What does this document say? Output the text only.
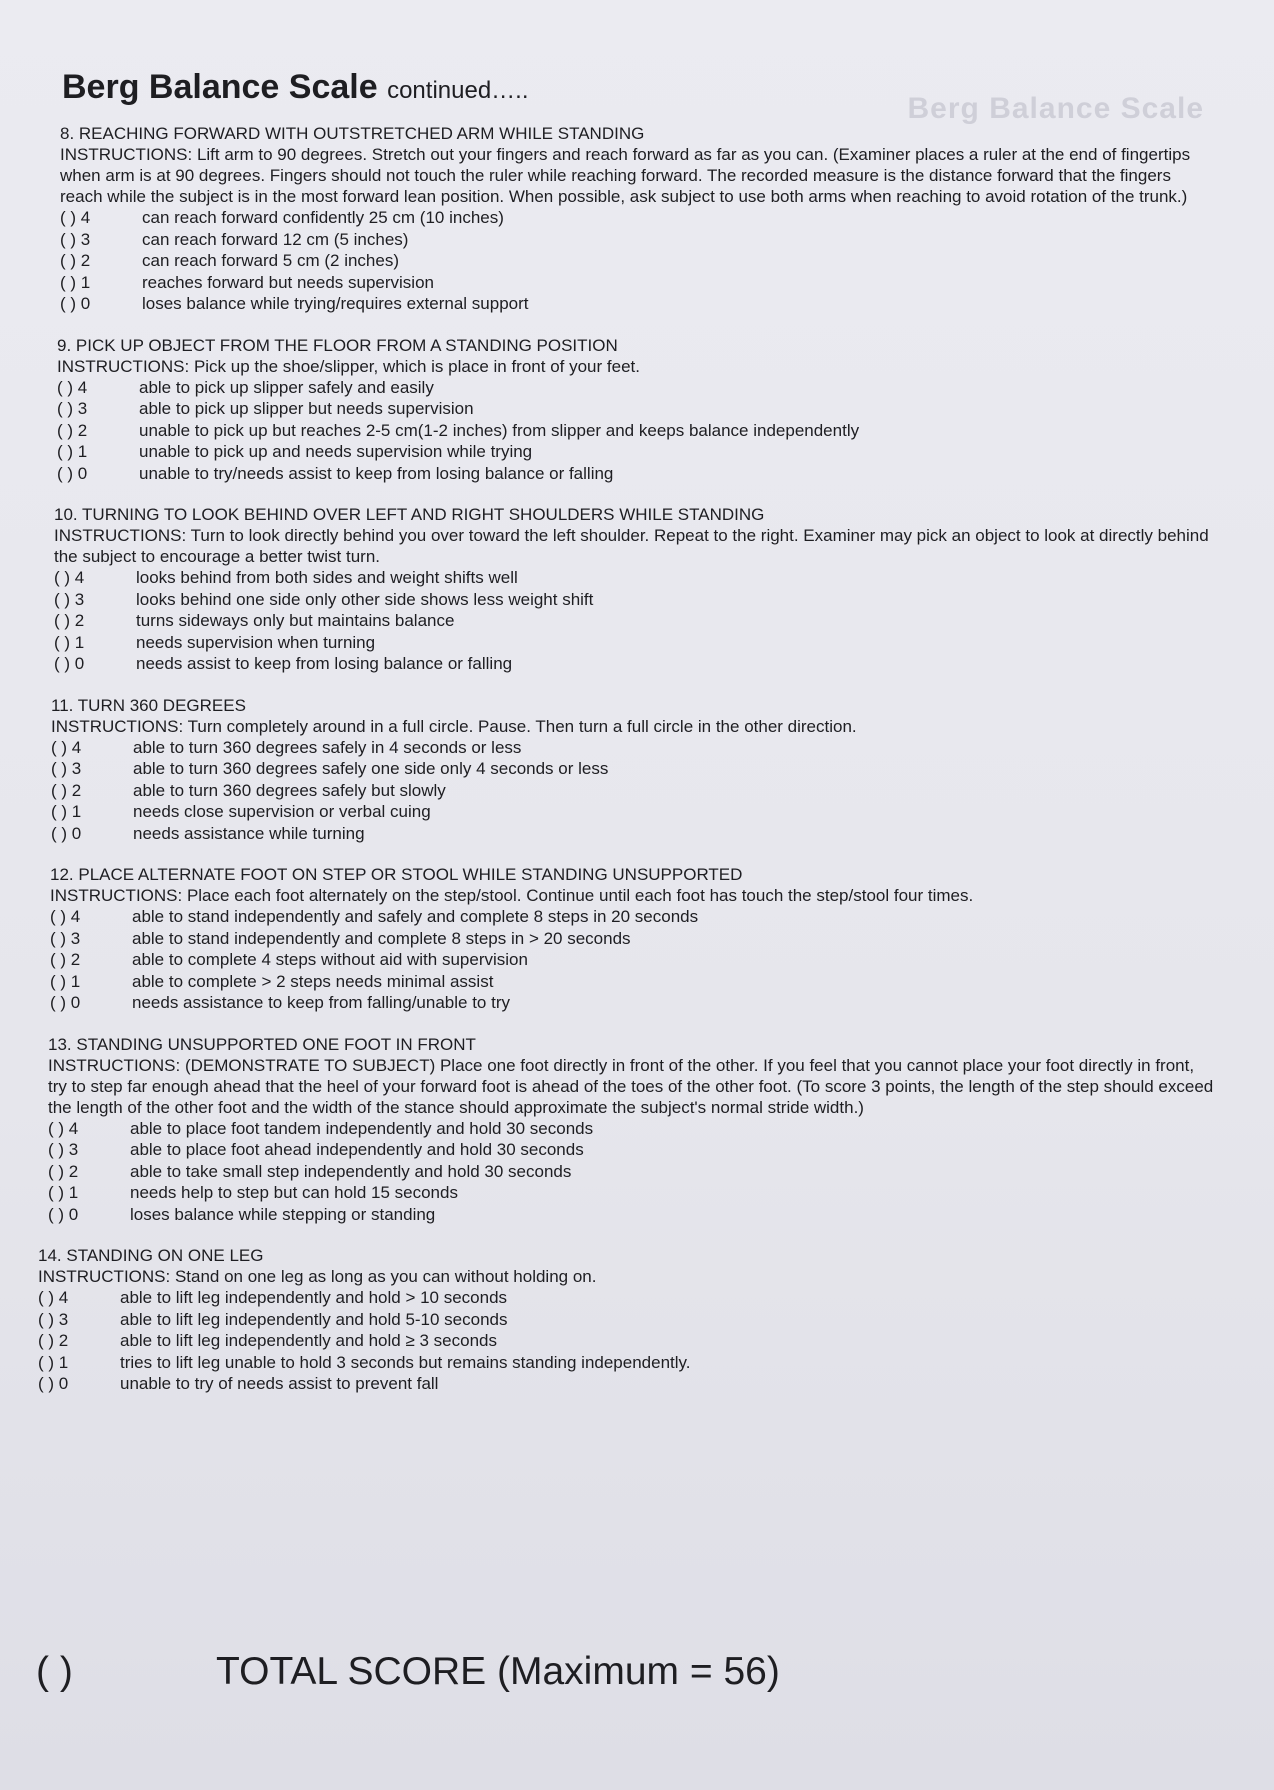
Berg Balance Scale
Berg Balance Scale continued…..
8. REACHING FORWARD WITH OUTSTRETCHED ARM WHILE STANDING
INSTRUCTIONS: Lift arm to 90 degrees. Stretch out your fingers and reach forward as far as you can. (Examiner places a ruler at the end of fingertips when arm is at 90 degrees. Fingers should not touch the ruler while reaching forward. The recorded measure is the distance forward that the fingers reach while the subject is in the most forward lean position. When possible, ask subject to use both arms when reaching to avoid rotation of the trunk.)
( ) 4	can reach forward confidently 25 cm (10 inches)
( ) 3	can reach forward 12 cm (5 inches)
( ) 2	can reach forward 5 cm (2 inches)
( ) 1	reaches forward but needs supervision
( ) 0	loses balance while trying/requires external support
9. PICK UP OBJECT FROM THE FLOOR FROM A STANDING POSITION
INSTRUCTIONS: Pick up the shoe/slipper, which is place in front of your feet.
( ) 4	able to pick up slipper safely and easily
( ) 3	able to pick up slipper but needs supervision
( ) 2	unable to pick up but reaches 2-5 cm(1-2 inches) from slipper and keeps balance independently
( ) 1	unable to pick up and needs supervision while trying
( ) 0	unable to try/needs assist to keep from losing balance or falling
10. TURNING TO LOOK BEHIND OVER LEFT AND RIGHT SHOULDERS WHILE STANDING
INSTRUCTIONS: Turn to look directly behind you over toward the left shoulder. Repeat to the right. Examiner may pick an object to look at directly behind the subject to encourage a better twist turn.
( ) 4	looks behind from both sides and weight shifts well
( ) 3	looks behind one side only other side shows less weight shift
( ) 2	turns sideways only but maintains balance
( ) 1	needs supervision when turning
( ) 0	needs assist to keep from losing balance or falling
11. TURN 360 DEGREES
INSTRUCTIONS: Turn completely around in a full circle. Pause. Then turn a full circle in the other direction.
( ) 4	able to turn 360 degrees safely in 4 seconds or less
( ) 3	able to turn 360 degrees safely one side only 4 seconds or less
( ) 2	able to turn 360 degrees safely but slowly
( ) 1	needs close supervision or verbal cuing
( ) 0	needs assistance while turning
12. PLACE ALTERNATE FOOT ON STEP OR STOOL WHILE STANDING UNSUPPORTED
INSTRUCTIONS: Place each foot alternately on the step/stool. Continue until each foot has touch the step/stool four times.
( ) 4	able to stand independently and safely and complete 8 steps in 20 seconds
( ) 3	able to stand independently and complete 8 steps in > 20 seconds
( ) 2	able to complete 4 steps without aid with supervision
( ) 1	able to complete > 2 steps needs minimal assist
( ) 0	needs assistance to keep from falling/unable to try
13. STANDING UNSUPPORTED ONE FOOT IN FRONT
INSTRUCTIONS: (DEMONSTRATE TO SUBJECT) Place one foot directly in front of the other. If you feel that you cannot place your foot directly in front, try to step far enough ahead that the heel of your forward foot is ahead of the toes of the other foot. (To score 3 points, the length of the step should exceed the length of the other foot and the width of the stance should approximate the subject's normal stride width.)
( ) 4	able to place foot tandem independently and hold 30 seconds
( ) 3	able to place foot ahead independently and hold 30 seconds
( ) 2	able to take small step independently and hold 30 seconds
( ) 1	needs help to step but can hold 15 seconds
( ) 0	loses balance while stepping or standing
14. STANDING ON ONE LEG
INSTRUCTIONS: Stand on one leg as long as you can without holding on.
( ) 4	able to lift leg independently and hold > 10 seconds
( ) 3	able to lift leg independently and hold 5-10 seconds
( ) 2	able to lift leg independently and hold ≥ 3 seconds
( ) 1	tries to lift leg unable to hold 3 seconds but remains standing independently.
( ) 0	unable to try of needs assist to prevent fall
( )	TOTAL SCORE (Maximum = 56)
